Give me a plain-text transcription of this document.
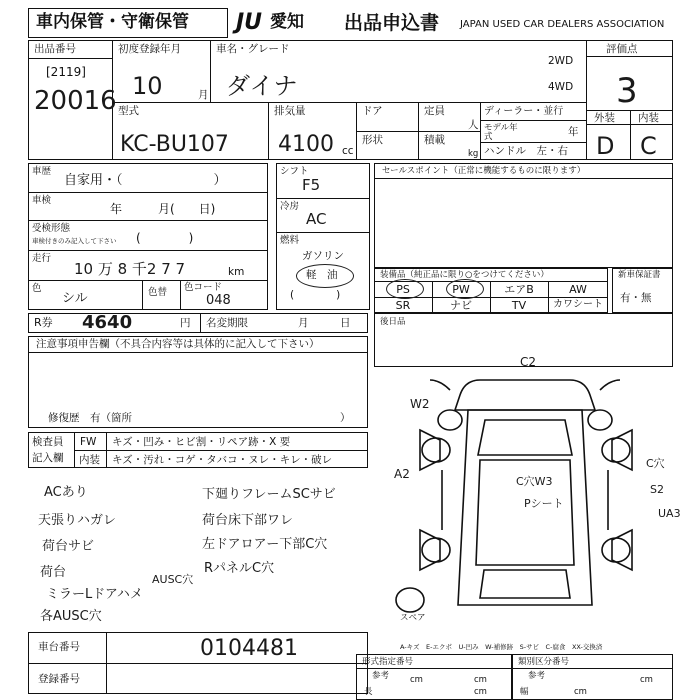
車内保管・守衛保管 JU 愛知 出品申込書 JAPAN USED CAR DEALERS ASSOCIATION
出品番号
[2119]
20016
初度登録年月
10	月
車名・グレード
ダイナ
2WD
4WD
評価点
3
外装 内装
D C
型式
KC-BU107
排気量
4100 cc
ドア
形状
定員
人
積載
kg
ディーラー・並行
モデル年式	年
ハンドル　左・右
車歴
自家用・（　　　　　　　）
車検
年　　　月(　　日)
受検形態
車検付きのみ記入して下さい (　　　　)
走行
10 万 8 千2 7 7	km
色
シル	色替 色コード
048
シフト
F5
冷房
AC
燃料
ガソリン
軽　油
(　　　　)
セールスポイント（正常に機能するものに限ります）
装備品（純正品に限り○をつけてください）
PS	PW	エアB	AW
SR	ナビ	TV	カワシート
新車保証書
有・無
R券 4640	円 名変期限	月　　　日	後日品
注意事項申告欄（不具合内容等は具体的に記入して下さい）
修復歴　有（箇所	）
検査員
記入欄
FW キズ・凹み・ヒビ割・リペア跡・X 要
内装 キズ・汚れ・コゲ・タバコ・ヌレ・キレ・破レ
ACあり
天張りハガレ
荷台サビ
荷台
ミラーLドアハメ
各AUSC穴
下廻りフレームSCサビ
荷台床下部ワレ
左ドアロアー下部C穴
RパネルC穴
AUSC穴
C2
W2
A2
C穴
S2
UA3
C穴W3
Pシート
スペア
車台番号	0104481
登録番号
A-キズ　E-エクボ　U-凹み　W-補修跡　S-サビ　C-腐食　XX-交換済
形式指定番号
参考 cm	cm
長	cm
類別区分番号
参考	cm
幅	cm
